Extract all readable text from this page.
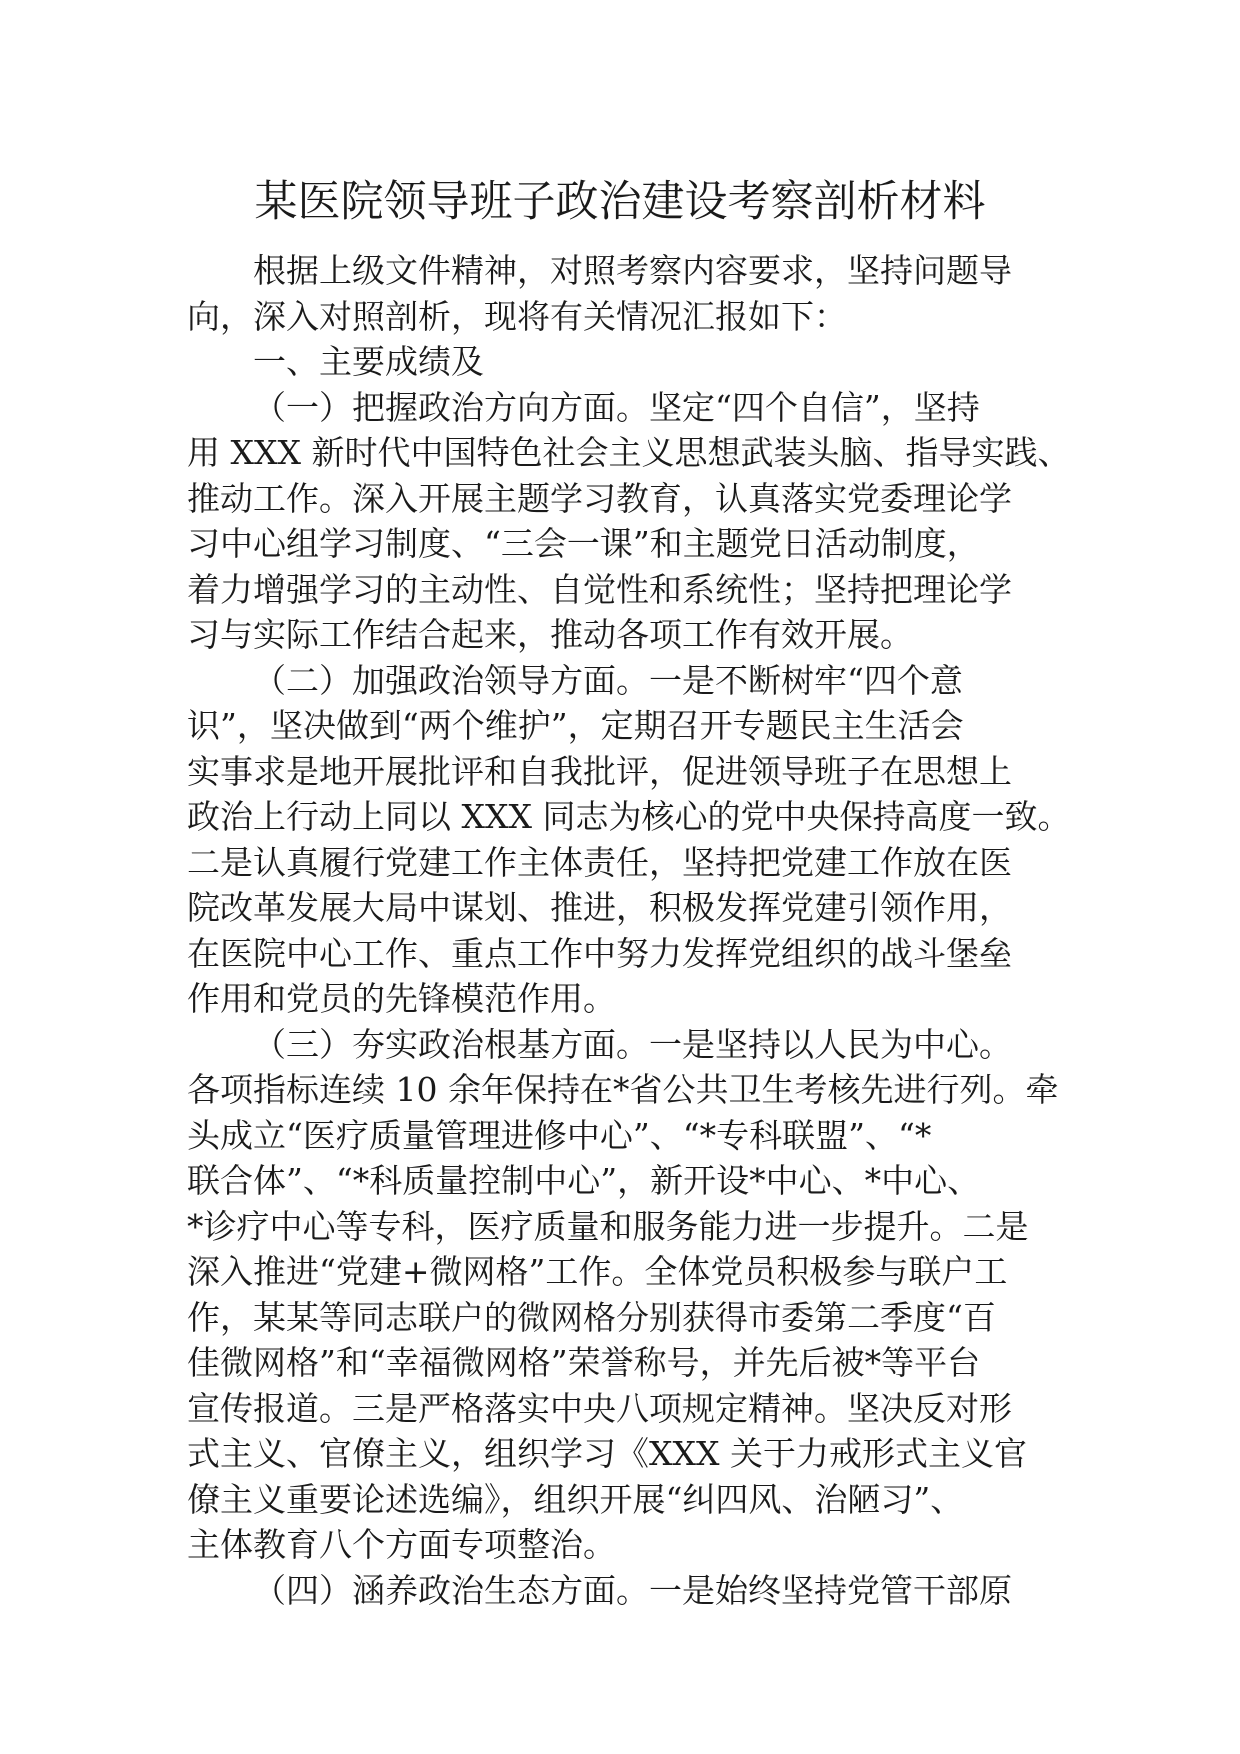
某医院领导班子政治建设考察剖析材料
根据上级文件精神，对照考察内容要求，坚持问题导
向，深入对照剖析，现将有关情况汇报如下：
一、主要成绩及
（一）把握政治方向方面。坚定“四个自信”，坚持
用 XXX 新时代中国特色社会主义思想武装头脑、指导实践、
推动工作。深入开展主题学习教育，认真落实党委理论学
习中心组学习制度、“三会一课”和主题党日活动制度，
着力增强学习的主动性、自觉性和系统性；坚持把理论学
习与实际工作结合起来，推动各项工作有效开展。
（二）加强政治领导方面。一是不断树牢“四个意
识”，坚决做到“两个维护”，定期召开专题民主生活会
实事求是地开展批评和自我批评，促进领导班子在思想上
政治上行动上同以 XXX 同志为核心的党中央保持高度一致。
二是认真履行党建工作主体责任，坚持把党建工作放在医
院改革发展大局中谋划、推进，积极发挥党建引领作用，
在医院中心工作、重点工作中努力发挥党组织的战斗堡垒
作用和党员的先锋模范作用。
（三）夯实政治根基方面。一是坚持以人民为中心。
各项指标连续 10 余年保持在*省公共卫生考核先进行列。牵
头成立“医疗质量管理进修中心”、“*专科联盟”、“*
联合体”、“*科质量控制中心”，新开设*中心、*中心、
*诊疗中心等专科，医疗质量和服务能力进一步提升。二是
深入推进“党建+微网格”工作。全体党员积极参与联户工
作，某某等同志联户的微网格分别获得市委第二季度“百
佳微网格”和“幸福微网格”荣誉称号，并先后被*等平台
宣传报道。三是严格落实中央八项规定精神。坚决反对形
式主义、官僚主义，组织学习《XXX 关于力戒形式主义官
僚主义重要论述选编》，组织开展“纠四风、治陋习”、
主体教育八个方面专项整治。
（四）涵养政治生态方面。一是始终坚持党管干部原
